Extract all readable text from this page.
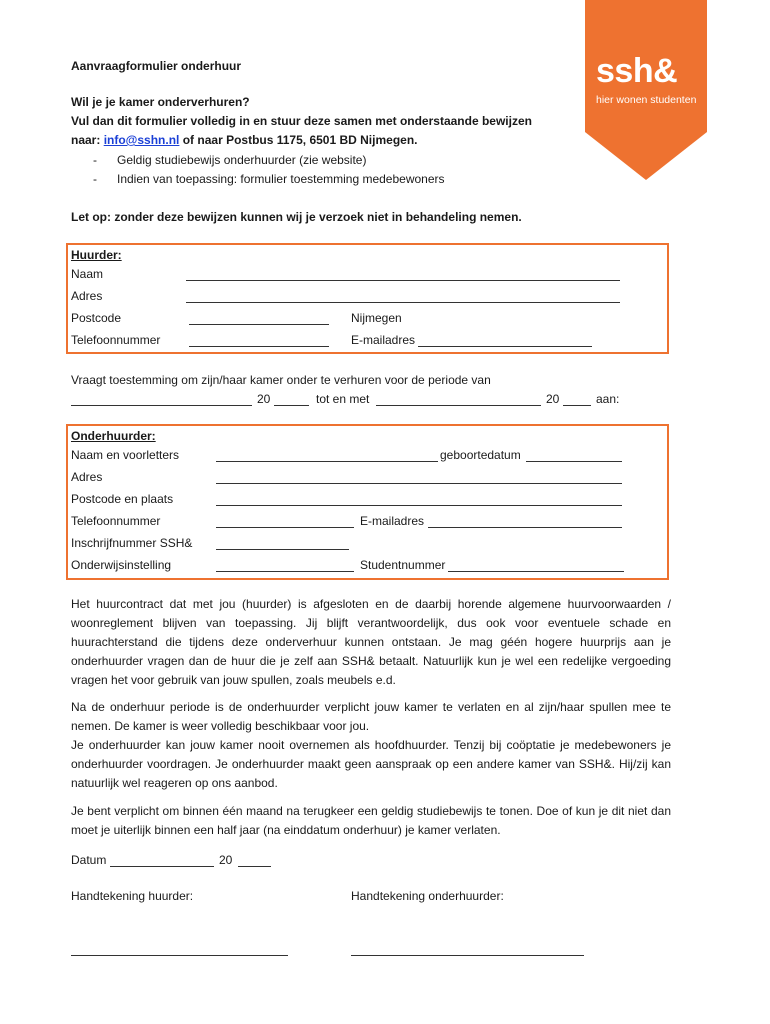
ssh&
hier wonen studenten
Aanvraagformulier onderhuur
Wil je je kamer onderverhuren?
Vul dan dit formulier volledig in en stuur deze samen met onderstaande bewijzen
naar: info@sshn.nl of naar Postbus 1175, 6501 BD Nijmegen.
- Geldig studiebewijs onderhuurder (zie website)
- Indien van toepassing: formulier toestemming medebewoners
Let op: zonder deze bewijzen kunnen wij je verzoek niet in behandeling nemen.
Huurder:
Naam
Adres
Postcode	Nijmegen
Telefoonnummer	E-mailadres
Vraagt toestemming om zijn/haar kamer onder te verhuren voor de periode van
20	tot en met	20	aan:
Onderhuurder:
Naam en voorletters	geboortedatum
Adres
Postcode en plaats
Telefoonnummer	E-mailadres
Inschrijfnummer SSH&
Onderwijsinstelling	Studentnummer

Het huurcontract dat met jou (huurder) is afgesloten en de daarbij horende algemene huurvoorwaarden / woonreglement blijven van toepassing. Jij blijft verantwoordelijk, dus ook voor eventuele schade en huurachterstand die tijdens deze onderverhuur kunnen ontstaan. Je mag géén hogere huurprijs aan je onderhuurder vragen dan de huur die je zelf aan SSH& betaalt. Natuurlijk kun je wel een redelijke vergoeding vragen het voor gebruik van jouw spullen, zoals meubels e.d.

Na de onderhuur periode is de onderhuurder verplicht jouw kamer te verlaten en al zijn/haar spullen mee te nemen. De kamer is weer volledig beschikbaar voor jou.

Je onderhuurder kan jouw kamer nooit overnemen als hoofdhuurder. Tenzij bij coöptatie je medebewoners je onderhuurder voordragen. Je onderhuurder maakt geen aanspraak op een andere kamer van SSH&. Hij/zij kan natuurlijk wel reageren op ons aanbod.

Je bent verplicht om binnen één maand na terugkeer een geldig studiebewijs te tonen. Doe of kun je dit niet dan moet je uiterlijk binnen een half jaar (na einddatum onderhuur) je kamer verlaten.

Datum	20
Handtekening huurder:	Handtekening onderhuurder:
